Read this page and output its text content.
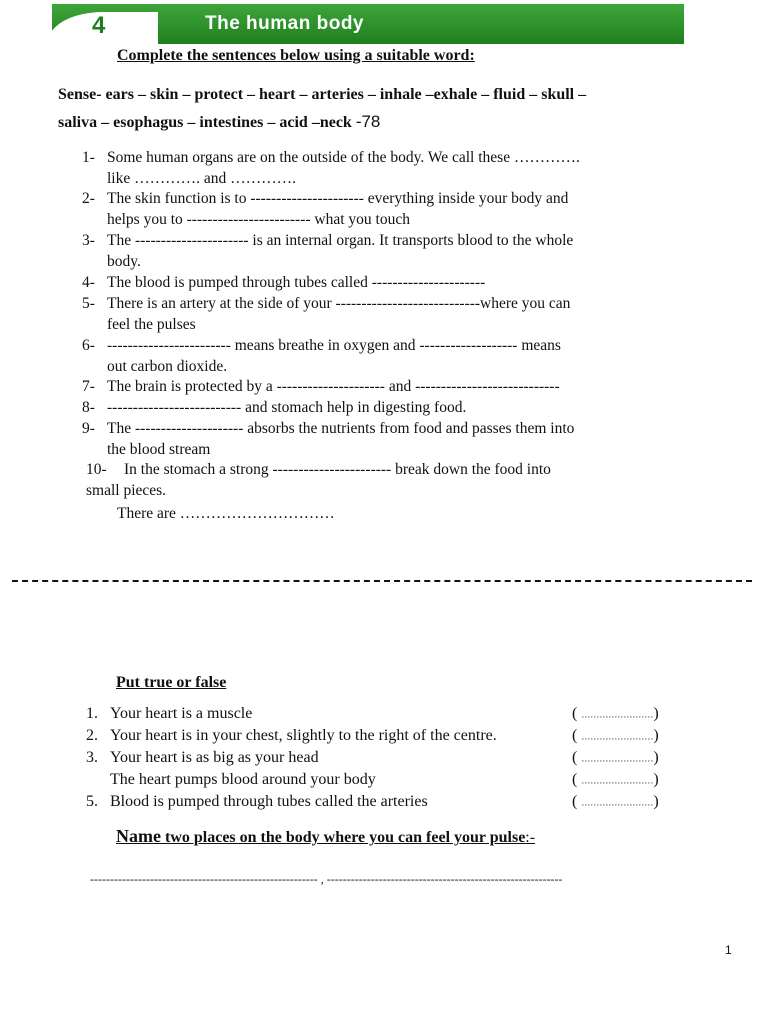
4	The human body
Complete the sentences below using a suitable word:
Sense- ears – skin – protect – heart – arteries – inhale –exhale – fluid – skull –
saliva – esophagus – intestines – acid –neck -78
1- Some human organs are on the outside of the body. We call these ………….
like …………. and ………….
2- The skin function is to ---------------------- everything inside your body and
helps you to ------------------------ what you touch
3- The ---------------------- is an internal organ. It transports blood to the whole
body.
4- The blood is pumped through tubes called ----------------------
5- There is an artery at the side of your ----------------------------where you can
feel the pulses
6- ------------------------ means breathe in oxygen and ------------------- means
out carbon dioxide.
7- The brain is protected by a --------------------- and ----------------------------
8- -------------------------- and stomach help in digesting food.
9- The --------------------- absorbs the nutrients from food and passes them into
the blood stream
10- In the stomach a strong ----------------------- break down the food into
small pieces.
There are …………………………
Put true or false
1. Your heart is a muscle	( ……………………)
2. Your heart is in your chest, slightly to the right of the centre.	( ……………………)
3. Your heart is as big as your head	( ……………………)
The heart pumps blood around your body	( ……………………)
5. Blood is pumped through tubes called the arteries	( ……………………)
Name two places on the body where you can feel your pulse:-
--------------------------------------------------------- , -----------------------------------------------------------
1
